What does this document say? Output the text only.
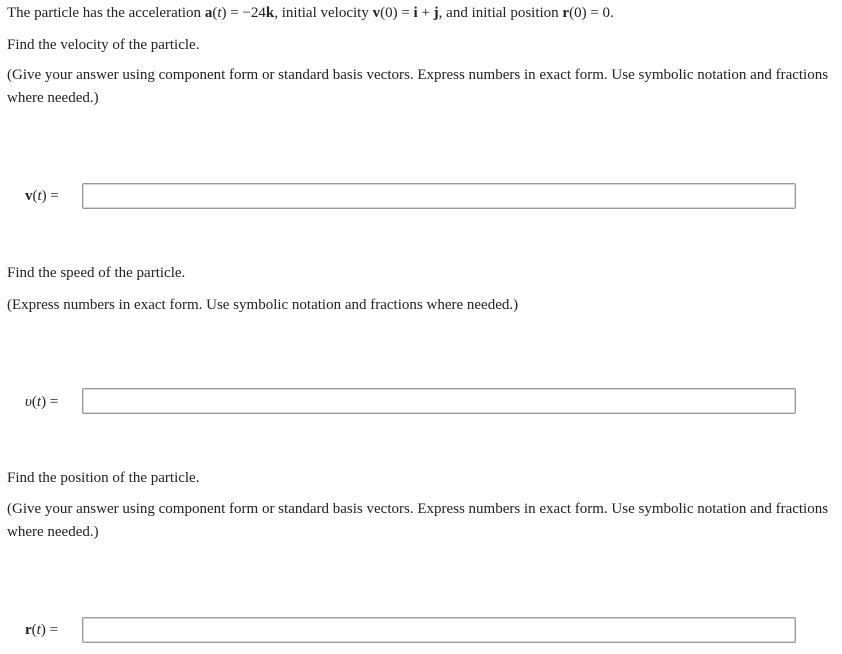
The particle has the acceleration a(t) = −24k, initial velocity v(0) = i + j, and initial position r(0) = 0.
Find the velocity of the particle.
(Give your answer using component form or standard basis vectors. Express numbers in exact form. Use symbolic notation and fractions where needed.)
v(t) =
Find the speed of the particle.
(Express numbers in exact form. Use symbolic notation and fractions where needed.)
υ(t) =
Find the position of the particle.
(Give your answer using component form or standard basis vectors. Express numbers in exact form. Use symbolic notation and fractions where needed.)
r(t) =
